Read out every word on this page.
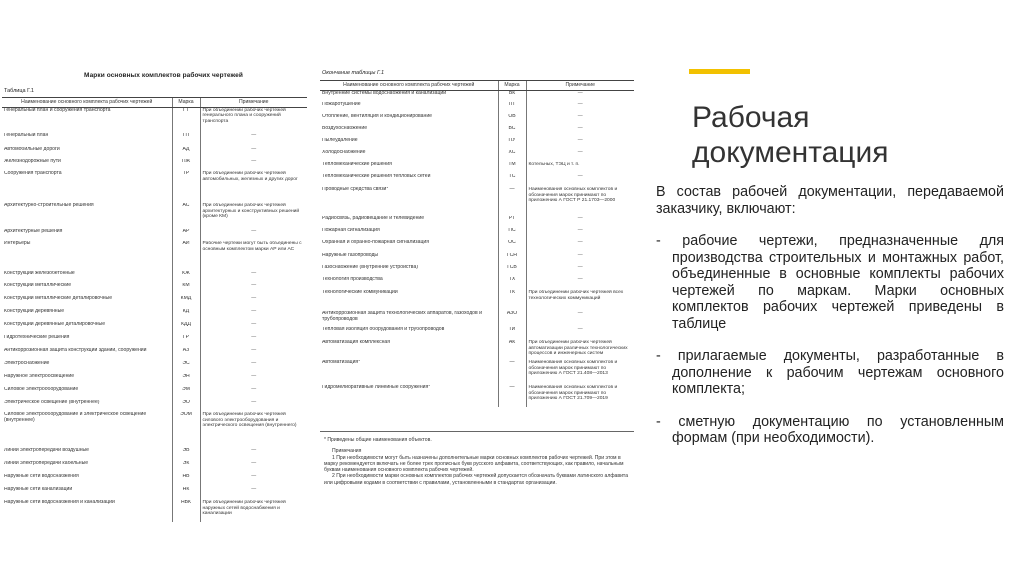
Марки основных комплектов рабочих чертежей
Таблица Г.1
Наименование основного комплекта рабочих чертежей	Марка	Примечание
Генеральный план и сооружения транспорта	ГТ	При объединении рабочих чертежей генерального плана и сооружений транспорта
Генеральный план	ГП	—
Автомобильные дороги	АД	—
Железнодорожные пути	ПЖ	—
Сооружения транспорта	ТР	При объединении рабочих чертежей автомобильных, железных и других дорог
Архитектурно-строительные решения	АС	При объединении рабочих чертежей архитектурных и конструктивных решений (кроме КМ)
Архитектурные решения	АР	—
Интерьеры	АИ	Рабочие чертежи могут быть объединены с основным комплектом марки АР или АС
Конструкции железобетонные	КЖ	—
Конструкции металлические	КМ	—
Конструкции металлические деталировочные	КМД	—
Конструкции деревянные	КД	—
Конструкции деревянные деталировочные	КДД	—
Гидротехнические решения	ГР	—
Антикоррозионная защита конструкций зданий, сооружений	АЗ	—
Электроснабжение	ЭС	—
Наружное электроосвещение	ЭН	—
Силовое электрооборудование	ЭМ	—
Электрическое освещение (внутреннее)	ЭО	—
Силовое электрооборудование и электрическое освещение (внутреннее)	ЭОМ	При объединении рабочих чертежей силового электрооборудования и электрического освещения (внутреннего)
Линии электропередачи воздушные	ЭВ	—
Линии электропередачи кабельные	ЭК	—
Наружные сети водоснабжения	НВ	—
Наружные сети канализации	НК	—
Наружные сети водоснабжения и канализации	НВК	При объединении рабочих чертежей наружных сетей водоснабжения и канализации
Окончание таблицы Г.1
Наименование основного комплекта рабочих чертежей	Марка	Примечание
Внутренние системы водоснабжения и канализации	ВК	—
Пожаротушение	ПТ	—
Отопление, вентиляция и кондиционирование	ОВ	—
Воздухоснабжение	ВС	—
Пылеудаление	ПУ	—
Холодоснабжение	ХС	—
Тепломеханические решения	ТМ	Котельных, ТЭЦ и т. п.
Тепломеханические решения тепловых сетей	ТС	—
Проводные средства связи*	—	Наименования основных комплектов и обозначения марок принимают по приложению А ГОСТ Р 21.1703—2000
Радиосвязь, радиовещание и телевидение	РТ	—
Пожарная сигнализация	ПС	—
Охранная и охранно-пожарная сигнализация	ОС	—
Наружные газопроводы	ГСН	—
Газоснабжение (внутренние устройства)	ГСВ	—
Технология производства	ТХ	—
Технологические коммуникации	ТК	При объединении рабочих чертежей всех технологических коммуникаций
Антикоррозионная защита технологических аппаратов, газоходов и трубопроводов	АЗО	—
Тепловая изоляция оборудования и трубопроводов	ТИ	—
Автоматизация комплексная	АК	При объединении рабочих чертежей автоматизации различных технологических процессов и инженерных систем
Автоматизация*	—	Наименования основных комплектов и обозначения марок принимают по приложению А ГОСТ 21.408—2013
Гидромелиоративные линейные сооружения*	—	Наименования основных комплектов и обозначения марок принимают по приложению А ГОСТ 21.709—2019
* Приведены общие наименования объектов.
Примечания

1 При необходимости могут быть назначены дополнительные марки основных комплектов рабочих чертежей. При этом в марку рекомендуется включать не более трех прописных букв русского алфавита, соответствующих, как правило, начальным буквам наименования основного комплекта рабочих чертежей.

2 При необходимости марки основных комплектов рабочих чертежей допускается обозначать буквами латинского алфавита или цифровыми кодами в соответствии с правилами, установленными в стандартах организации.

Рабочая
документация

В состав рабочей документации, передаваемой заказчику, включают:

- рабочие чертежи, предназначенные для производства строительных и монтажных работ, объединенные в основные комплекты рабочих чертежей по маркам. Марки основных комплектов рабочих чертежей приведены в таблице

- прилагаемые документы, разработанные в дополнение к рабочим чертежам основного комплекта;

- сметную документацию по установленным формам (при необходимости).
